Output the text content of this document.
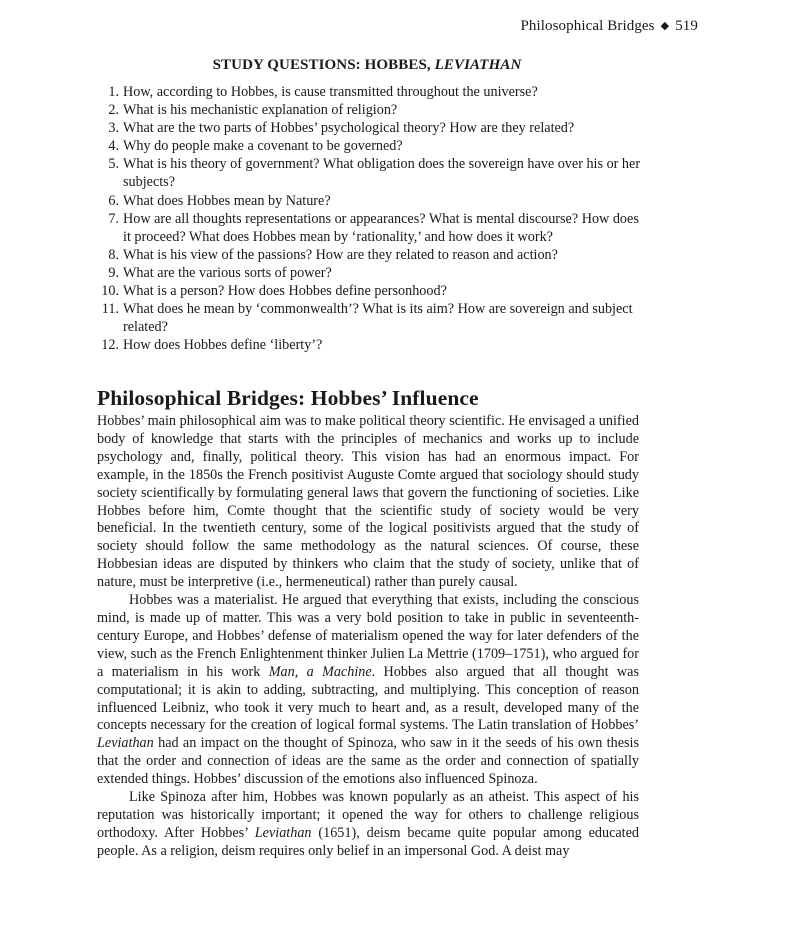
Philosophical Bridges ◆ 519
STUDY QUESTIONS: HOBBES, LEVIATHAN
1. How, according to Hobbes, is cause transmitted throughout the universe?
2. What is his mechanistic explanation of religion?
3. What are the two parts of Hobbes’ psychological theory? How are they related?
4. Why do people make a covenant to be governed?
5. What is his theory of government? What obligation does the sovereign have over his or her subjects?
6. What does Hobbes mean by Nature?
7. How are all thoughts representations or appearances? What is mental discourse? How does it proceed? What does Hobbes mean by ‘rationality,’ and how does it work?
8. What is his view of the passions? How are they related to reason and action?
9. What are the various sorts of power?
10. What is a person? How does Hobbes define personhood?
11. What does he mean by ‘commonwealth’? What is its aim? How are sovereign and subject related?
12. How does Hobbes define ‘liberty’?
Philosophical Bridges: Hobbes’ Influence

Hobbes’ main philosophical aim was to make political theory scientific. He envisaged a unified body of knowledge that starts with the principles of mechanics and works up to include psychology and, finally, political theory. This vision has had an enormous impact. For example, in the 1850s the French positivist Auguste Comte argued that sociology should study society scientifically by formulating general laws that govern the functioning of societies. Like Hobbes before him, Comte thought that the scientific study of society would be very beneficial. In the twentieth century, some of the logical positivists argued that the study of society should follow the same methodology as the natural sciences. Of course, these Hobbesian ideas are disputed by thinkers who claim that the study of society, unlike that of nature, must be interpretive (i.e., hermeneutical) rather than purely causal.

Hobbes was a materialist. He argued that everything that exists, including the conscious mind, is made up of matter. This was a very bold position to take in public in seventeenth-century Europe, and Hobbes’ defense of materialism opened the way for later defenders of the view, such as the French Enlightenment thinker Julien La Mettrie (1709–1751), who argued for a materialism in his work Man, a Machine. Hobbes also argued that all thought was computational; it is akin to adding, subtracting, and multiplying. This conception of reason influenced Leibniz, who took it very much to heart and, as a result, developed many of the concepts necessary for the creation of logical formal systems. The Latin translation of Hobbes’ Leviathan had an impact on the thought of Spinoza, who saw in it the seeds of his own thesis that the order and connection of ideas are the same as the order and connection of spatially extended things. Hobbes’ discussion of the emotions also influenced Spinoza.

Like Spinoza after him, Hobbes was known popularly as an atheist. This aspect of his reputation was historically important; it opened the way for others to challenge religious orthodoxy. After Hobbes’ Leviathan (1651), deism became quite popular among educated people. As a religion, deism requires only belief in an impersonal God. A deist may
